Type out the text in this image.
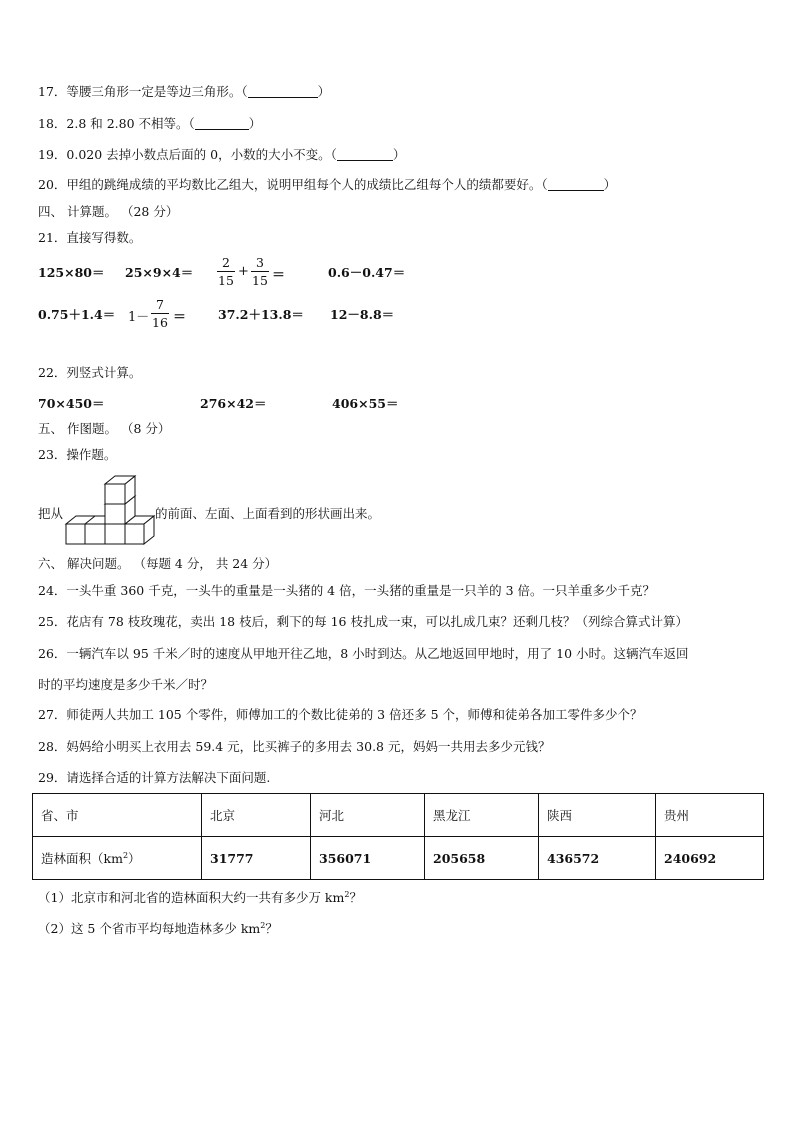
17．等腰三角形一定是等边三角形。（	）
18．2.8 和 2.80 不相等。（	）
19．0.020 去掉小数点后面的 0，小数的大小不变。（	）
20．甲组的跳绳成绩的平均数比乙组大，说明甲组每个人的成绩比乙组每个人的绩都要好。（	）
四、 计算题。 （28 分）
21．直接写得数。
125×80＝ 25×9×4＝
2
15
+
3
15 ＝	0.6－0.47＝
0.75＋1.4＝ 1－
7
16 ＝	37.2＋13.8＝ 12－8.8＝
22．列竖式计算。
70×450＝	276×42＝	406×55＝
五、 作图题。 （8 分）
23．操作题。
把从	的前面、左面、上面看到的形状画出来。
六、 解决问题。 （每题 4 分， 共 24 分）
24．一头牛重 360 千克，一头牛的重量是一头猪的 4 倍，一头猪的重量是一只羊的 3 倍。一只羊重多少千克？
25．花店有 78 枝玫瑰花，卖出 18 枝后，剩下的每 16 枝扎成一束，可以扎成几束？还剩几枝？（列综合算式计算）
26．一辆汽车以 95 千米／时的速度从甲地开往乙地，8 小时到达。从乙地返回甲地时，用了 10 小时。这辆汽车返回
时的平均速度是多少千米／时？
27．师徒两人共加工 105 个零件，师傅加工的个数比徒弟的 3 倍还多 5 个，师傅和徒弟各加工零件多少个？
28．妈妈给小明买上衣用去 59.4 元，比买裤子的多用去 30.8 元，妈妈一共用去多少元钱？
29．请选择合适的计算方法解决下面问题.
省、市	北京	河北	黑龙江	陕西	贵州
造林面积$(km^2)$	31777	356071	205658	436572	240692
（1）北京市和河北省的造林面积大约一共有多少万 $km^2$？
（2）这 5 个省市平均每地造林多少 $km^2$？
